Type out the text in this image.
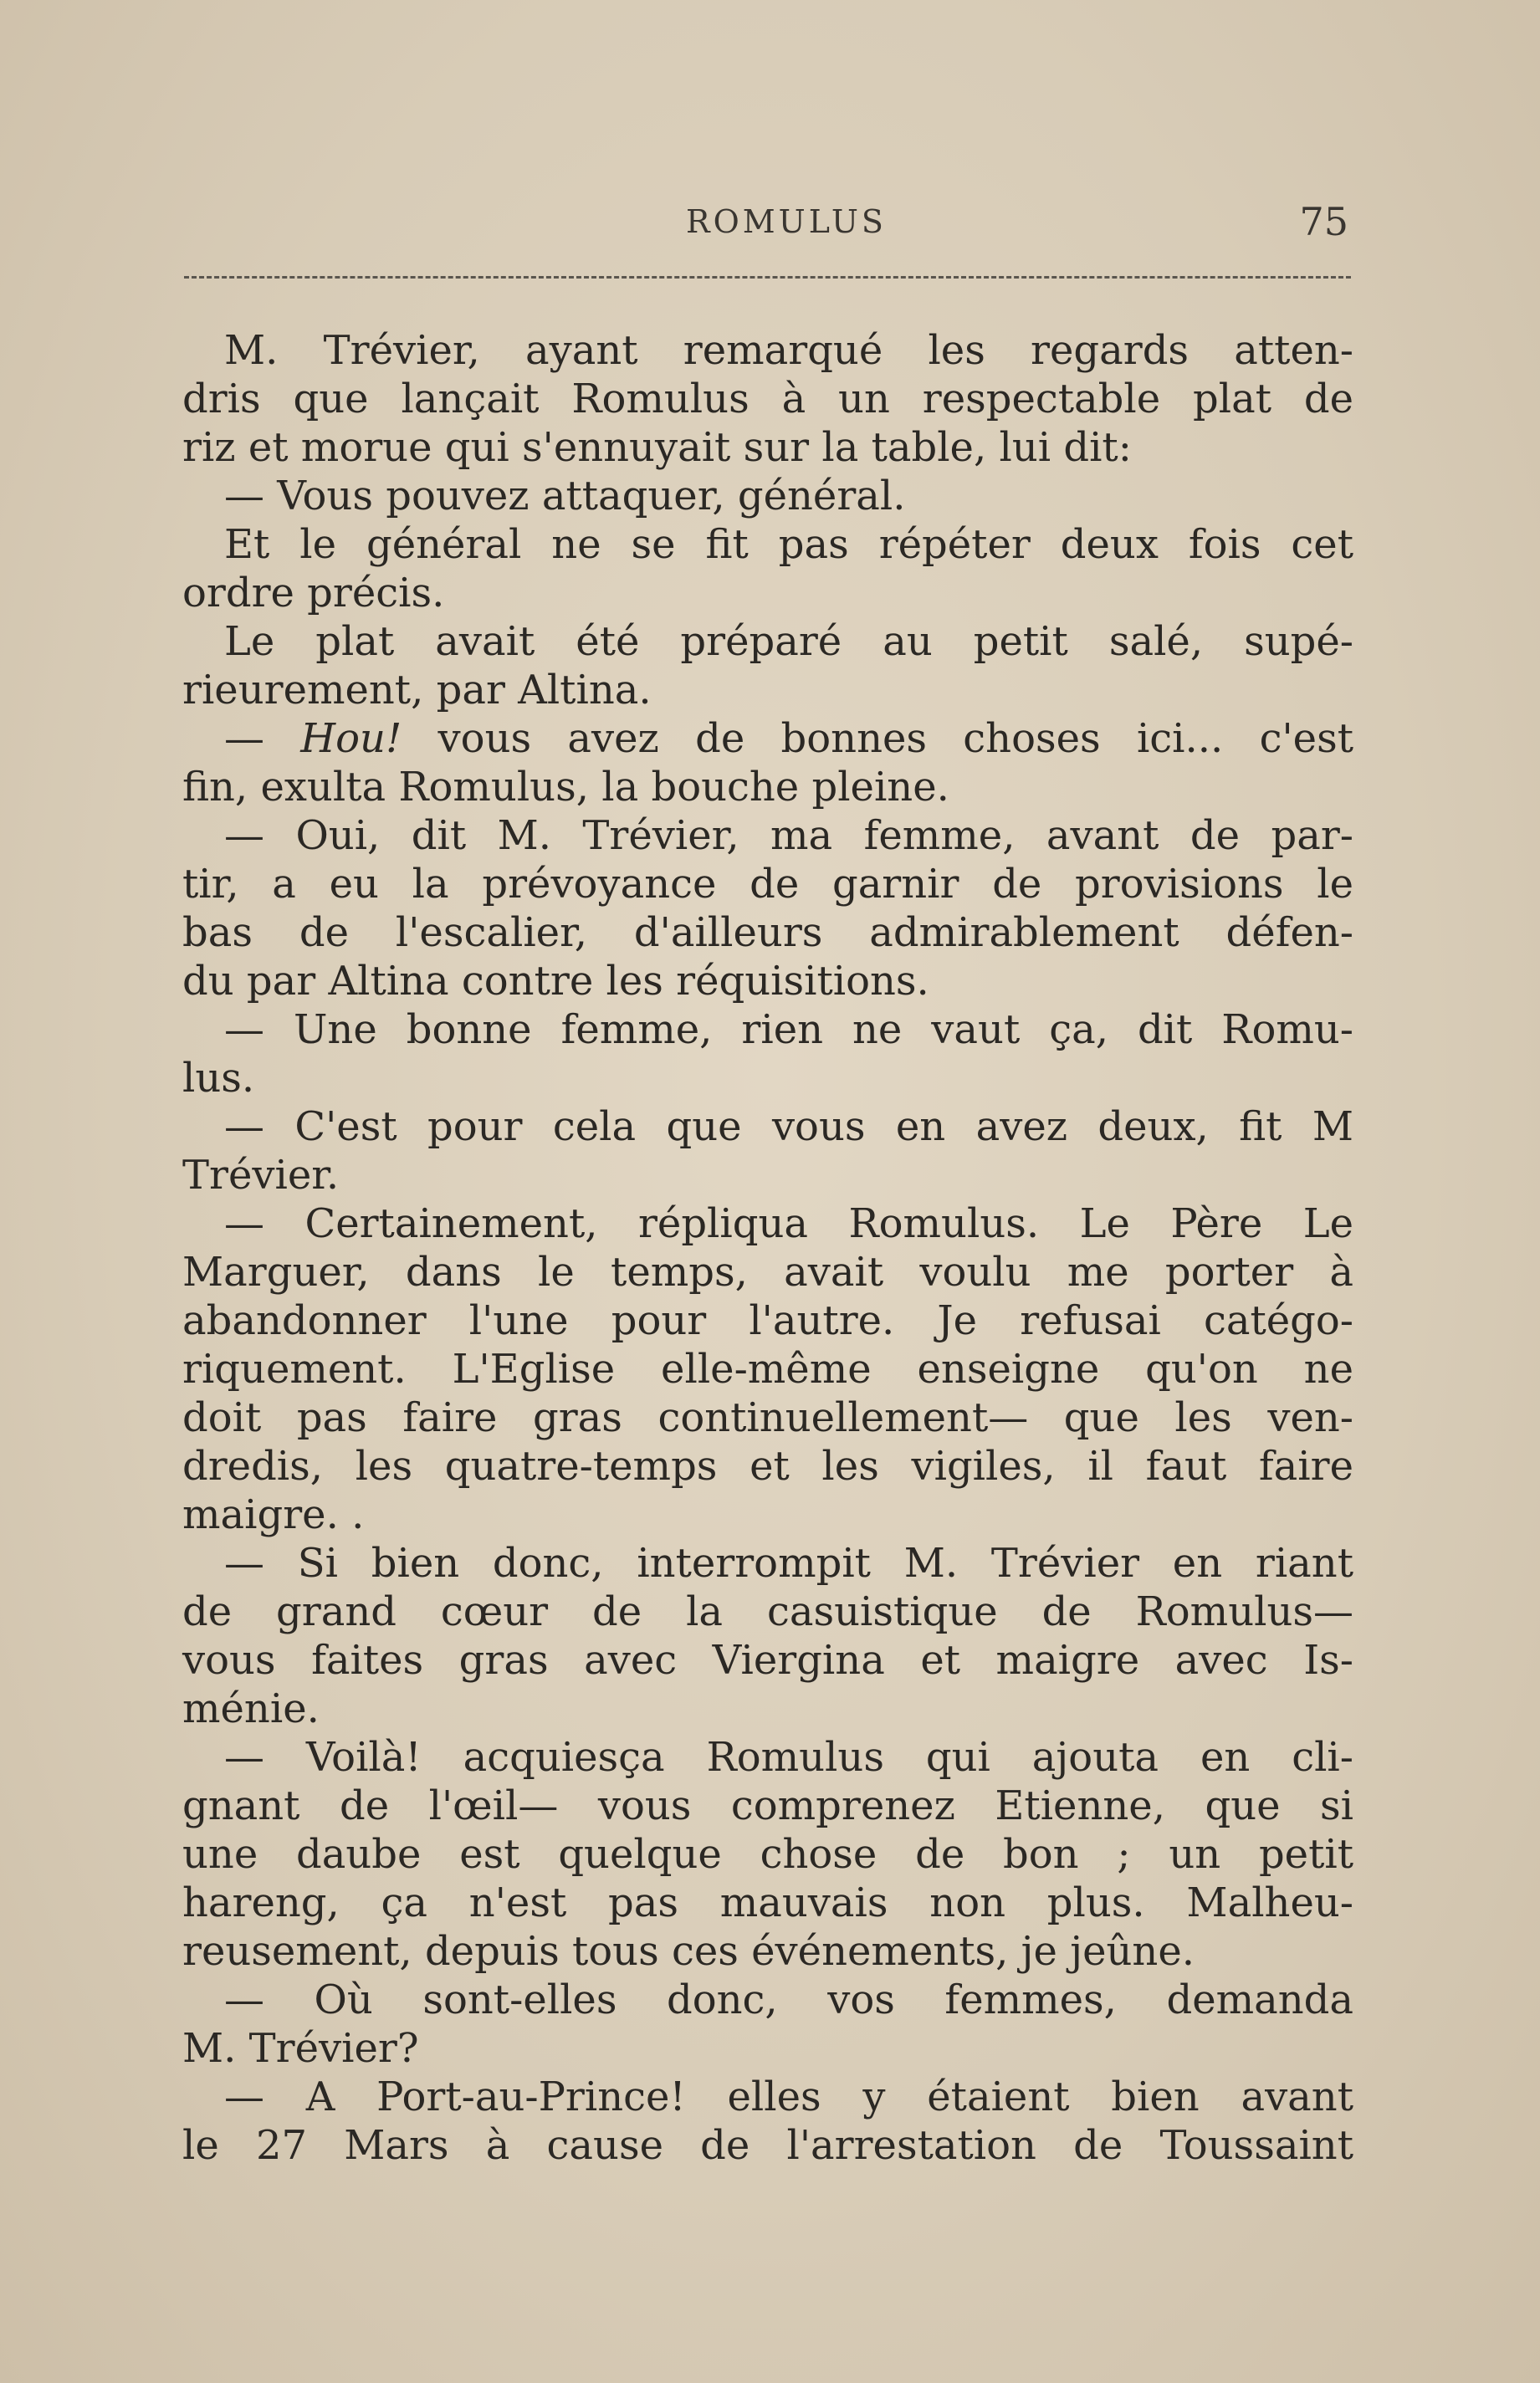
ROMULUS	75
M. Trévier, ayant remarqué les regards atten-
dris que lançait Romulus à un respectable plat de
riz et morue qui s'ennuyait sur la table, lui dit:
— Vous pouvez attaquer, général.
Et le général ne se fit pas répéter deux fois cet
ordre précis.
Le plat avait été préparé au petit salé, supé-
rieurement, par Altina.
— Hou! vous avez de bonnes choses ici... c'est
fin, exulta Romulus, la bouche pleine.
— Oui, dit M. Trévier, ma femme, avant de par-
tir, a eu la prévoyance de garnir de provisions le
bas de l'escalier, d'ailleurs admirablement défen-
du par Altina contre les réquisitions.
— Une bonne femme, rien ne vaut ça, dit Romu-
lus.
— C'est pour cela que vous en avez deux, fit M
Trévier.
— Certainement, répliqua Romulus. Le Père Le
Marguer, dans le temps, avait voulu me porter à
abandonner l'une pour l'autre. Je refusai catégo-
riquement. L'Eglise elle-même enseigne qu'on ne
doit pas faire gras continuellement— que les ven-
dredis, les quatre-temps et les vigiles, il faut faire
maigre. .
— Si bien donc, interrompit M. Trévier en riant
de grand cœur de la casuistique de Romulus—
vous faites gras avec Viergina et maigre avec Is-
ménie.
— Voilà! acquiesça Romulus qui ajouta en cli-
gnant de l'œil— vous comprenez Etienne, que si
une daube est quelque chose de bon ; un petit
hareng, ça n'est pas mauvais non plus. Malheu-
reusement, depuis tous ces événements, je jeûne.
— Où sont-elles donc, vos femmes, demanda
M. Trévier?
— A Port-au-Prince! elles y étaient bien avant
le 27 Mars à cause de l'arrestation de Toussaint
